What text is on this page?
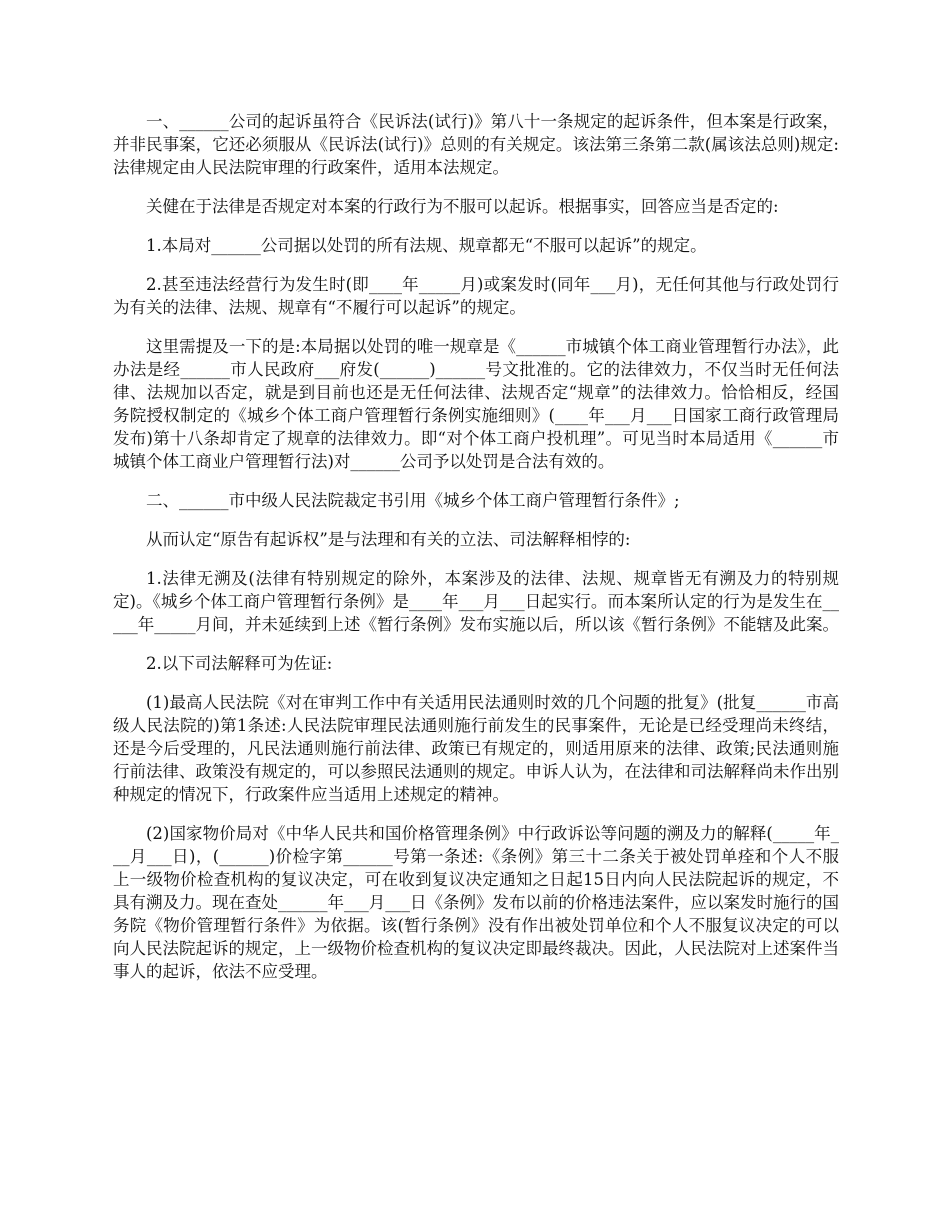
一、______公司的起诉虽符合《民诉法(试行)》第八十一条规定的起诉条件，但本案是行政案，并非民事案，它还必须服从《民诉法(试行)》总则的有关规定。该法第三条第二款(属该法总则)规定:法律规定由人民法院审理的行政案件，适用本法规定。

关健在于法律是否规定对本案的行政行为不服可以起诉。根据事实，回答应当是否定的:

1.本局对______公司据以处罚的所有法规、规章都无“不服可以起诉”的规定。

2.甚至违法经营行为发生时(即____年_____月)或案发时(同年___月)，无任何其他与行政处罚行为有关的法律、法规、规章有“不履行可以起诉”的规定。

这里需提及一下的是:本局据以处罚的唯一规章是《______市城镇个体工商业管理暂行办法》，此办法是经______市人民政府___府发(______)______号文批准的。它的法律效力，不仅当时无任何法律、法规加以否定，就是到目前也还是无任何法律、法规否定“规章”的法律效力。恰恰相反，经国务院授权制定的《城乡个体工商户管理暂行条例实施细则》(____年___月___日国家工商行政管理局发布)第十八条却肯定了规章的法律效力。即“对个体工商户投机理”。可见当时本局适用《______市城镇个体工商业户管理暂行法)对______公司予以处罚是合法有效的。

二、______市中级人民法院裁定书引用《城乡个体工商户管理暂行条件》;

从而认定“原告有起诉权”是与法理和有关的立法、司法解释相悖的:

1.法律无溯及(法律有特别规定的除外，本案涉及的法律、法规、规章皆无有溯及力的特别规定)。《城乡个体工商户管理暂行条例》是____年___月___日起实行。而本案所认定的行为是发生在_____年_____月间，并未延续到上述《暂行条例》发布实施以后，所以该《暂行条例》不能辖及此案。

2.以下司法解释可为佐证:

(1)最高人民法院《对在审判工作中有关适用民法通则时效的几个问题的批复》(批复______市高级人民法院的)第1条述:人民法院审理民法通则施行前发生的民事案件，无论是已经受理尚未终结，还是今后受理的，凡民法通则施行前法律、政策已有规定的，则适用原来的法律、政策;民法通则施行前法律、政策没有规定的，可以参照民法通则的规定。申诉人认为，在法律和司法解释尚未作出别种规定的情况下，行政案件应当适用上述规定的精神。

(2)国家物价局对《中华人民共和国价格管理条例》中行政诉讼等问题的溯及力的解释(_____年___月___日)，(______)价检字第______号第一条述:《条例》第三十二条关于被处罚单痊和个人不服上一级物价检查机构的复议决定，可在收到复议决定通知之日起15日内向人民法院起诉的规定，不具有溯及力。现在查处______年___月___日《条例》发布以前的价格违法案件，应以案发时施行的国务院《物价管理暂行条件》为依据。该(暂行条例》没有作出被处罚单位和个人不服复议决定的可以向人民法院起诉的规定，上一级物价检查机构的复议决定即最终裁决。因此，人民法院对上述案件当事人的起诉，依法不应受理。
